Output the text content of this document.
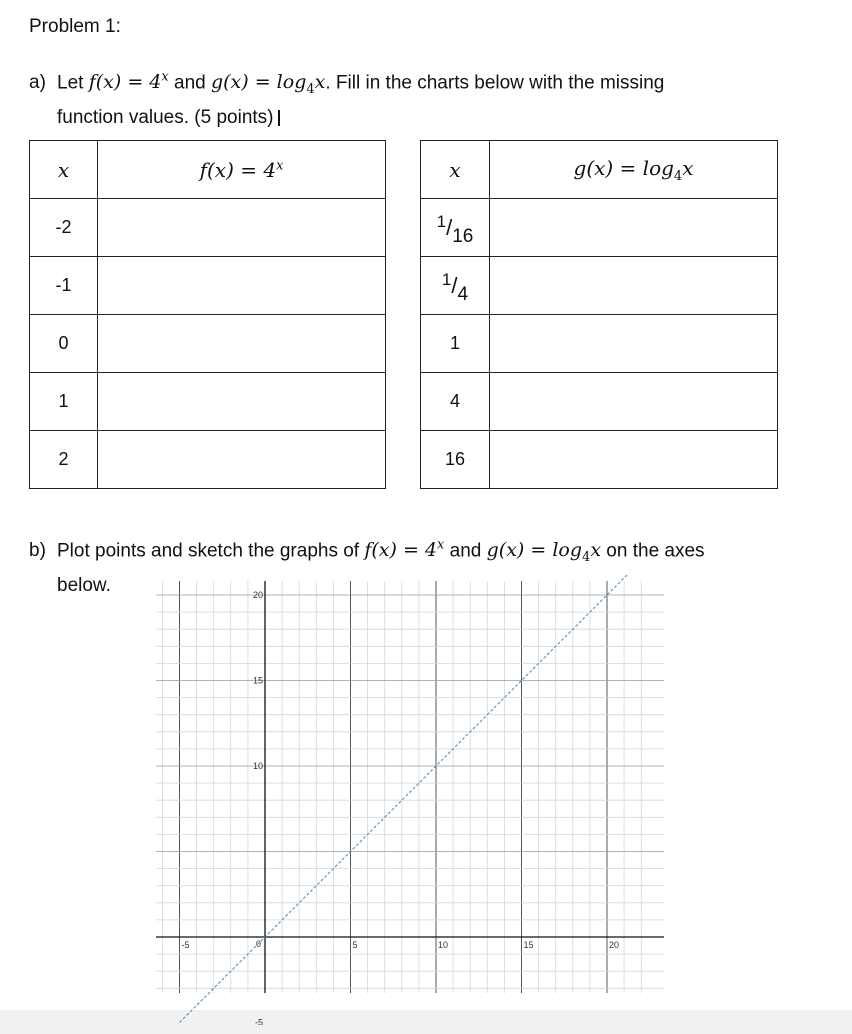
Problem 1:
a) Let $f(x) = 4^x$ and $g(x) = \log_4x$. Fill in the charts below with the missing
function values. (5 points)
x	$f(x) = 4^x$
-2	
-1	
0	
1	
2	
x	$g(x) = \log_4x$
1/16	
1/4	
1	
4	
16	
b) Plot points and sketch the graphs of $f(x) = 4^x$ and $g(x) = \log_4x$ on the axes
below.
-5	5	10	15	20
20
15
10
-5
0
